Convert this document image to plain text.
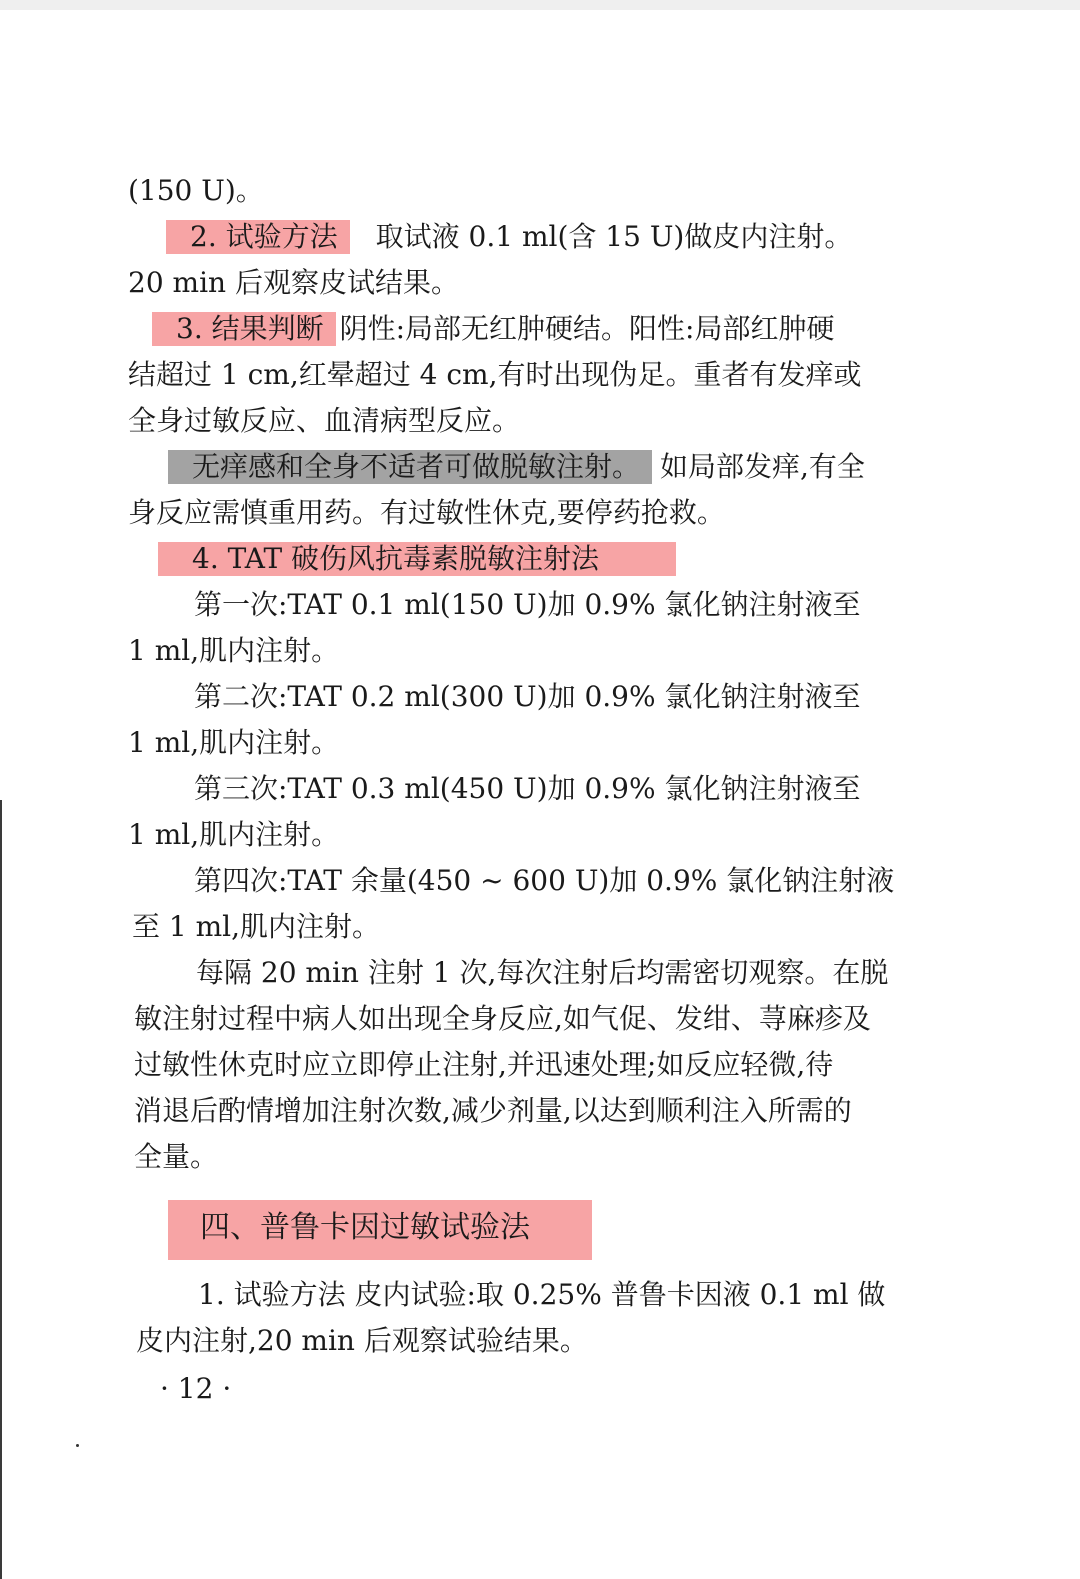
(150 U)。
2. 试验方法 取试液 0.1 ml(含 15 U)做皮内注射。
20 min 后观察皮试结果。
3. 结果判断 阴性:局部无红肿硬结。阳性:局部红肿硬
结超过 1 cm,红晕超过 4 cm,有时出现伪足。重者有发痒或
全身过敏反应、血清病型反应。
无痒感和全身不适者可做脱敏注射。 如局部发痒,有全
身反应需慎重用药。有过敏性休克,要停药抢救。
4. TAT 破伤风抗毒素脱敏注射法
第一次:TAT 0.1 ml(150 U)加 0.9% 氯化钠注射液至
1 ml,肌内注射。
第二次:TAT 0.2 ml(300 U)加 0.9% 氯化钠注射液至
1 ml,肌内注射。
第三次:TAT 0.3 ml(450 U)加 0.9% 氯化钠注射液至
1 ml,肌内注射。
第四次:TAT 余量(450 ~ 600 U)加 0.9% 氯化钠注射液
至 1 ml,肌内注射。
每隔 20 min 注射 1 次,每次注射后均需密切观察。在脱
敏注射过程中病人如出现全身反应,如气促、发绀、荨麻疹及
过敏性休克时应立即停止注射,并迅速处理;如反应轻微,待
消退后酌情增加注射次数,减少剂量,以达到顺利注入所需的
全量。
四、普鲁卡因过敏试验法
1. 试验方法 皮内试验:取 0.25% 普鲁卡因液 0.1 ml 做
皮内注射,20 min 后观察试验结果。
· 12 ·
